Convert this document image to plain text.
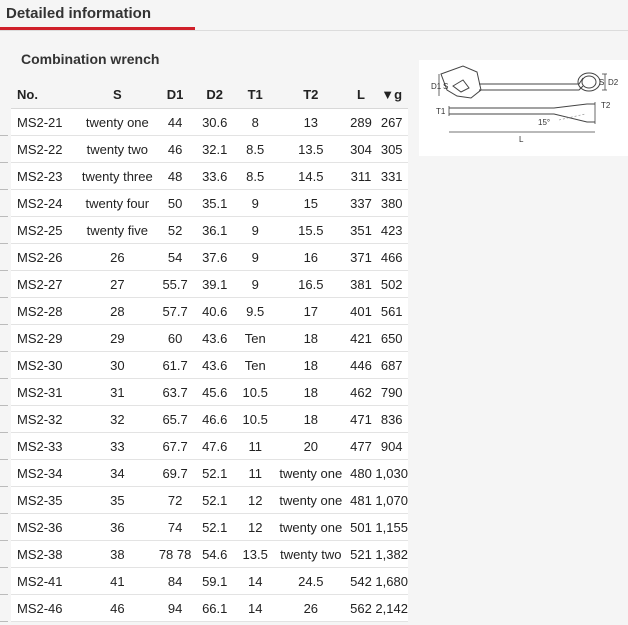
Detailed information
Combination wrench
No.	S	D1	D2	T1	T2	L	▼g
MS2-21	twenty one	44	30.6	8	13	289	267
MS2-22	twenty two	46	32.1	8.5	13.5	304	305
MS2-23	twenty three	48	33.6	8.5	14.5	311	331
MS2-24	twenty four	50	35.1	9	15	337	380
MS2-25	twenty five	52	36.1	9	15.5	351	423
MS2-26	26	54	37.6	9	16	371	466
MS2-27	27	55.7	39.1	9	16.5	381	502
MS2-28	28	57.7	40.6	9.5	17	401	561
MS2-29	29	60	43.6	Ten	18	421	650
MS2-30	30	61.7	43.6	Ten	18	446	687
MS2-31	31	63.7	45.6	10.5	18	462	790
MS2-32	32	65.7	46.6	10.5	18	471	836
MS2-33	33	67.7	47.6	11	20	477	904
MS2-34	34	69.7	52.1	11	twenty one	480	1,030
MS2-35	35	72	52.1	12	twenty one	481	1,070
MS2-36	36	74	52.1	12	twenty one	501	1,155
MS2-38	38	78 78	54.6	13.5	twenty two	521	1,382
MS2-41	41	84	59.1	14	24.5	542	1,680
MS2-46	46	94	66.1	14	26	562	2,142
D1 S	S D2
T1
T2
15°
L
